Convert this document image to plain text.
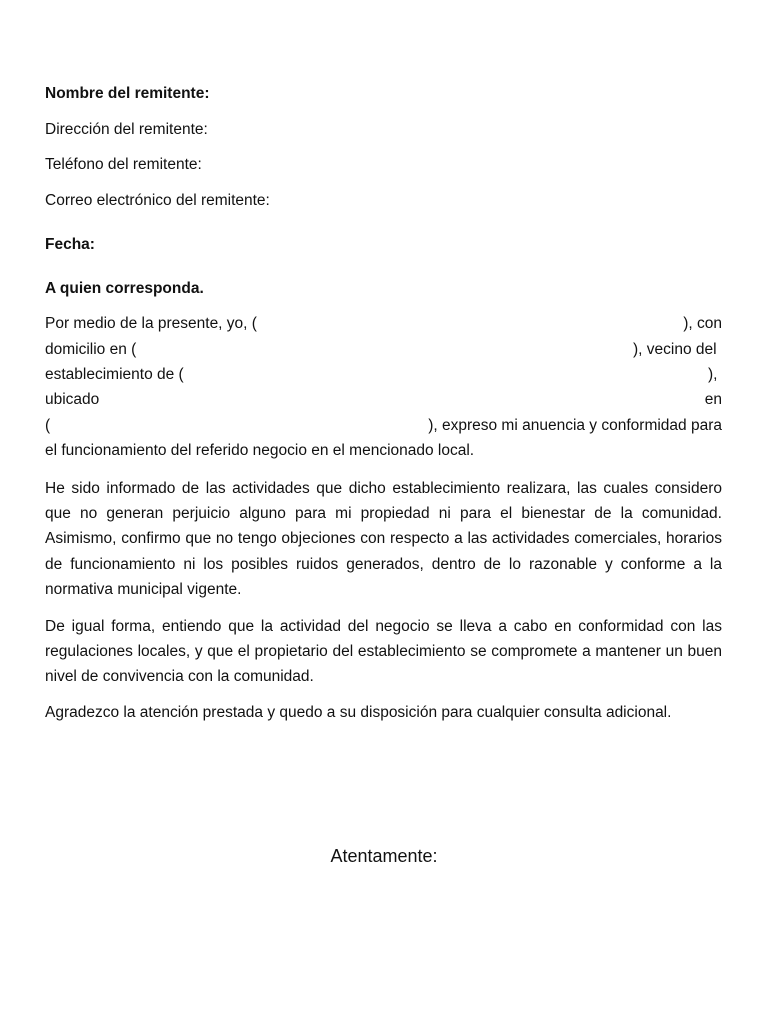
Nombre del remitente:
Dirección del remitente:
Teléfono del remitente:
Correo electrónico del remitente:
Fecha:
A quien corresponda.
Por medio de la presente, yo, (	), con
domicilio en (	), vecino del
establecimiento de (	),
ubicado	en
(	), expreso mi anuencia y conformidad para
el funcionamiento del referido negocio en el mencionado local.
He sido informado de las actividades que dicho establecimiento realizara, las cuales considero que no generan perjuicio alguno para mi propiedad ni para el bienestar de la comunidad. Asimismo, confirmo que no tengo objeciones con respecto a las actividades comerciales, horarios de funcionamiento ni los posibles ruidos generados, dentro de lo razonable y conforme a la normativa municipal vigente.
De igual forma, entiendo que la actividad del negocio se lleva a cabo en conformidad con las regulaciones locales, y que el propietario del establecimiento se compromete a mantener un buen nivel de convivencia con la comunidad.
Agradezco la atención prestada y quedo a su disposición para cualquier consulta adicional.
Atentamente:
